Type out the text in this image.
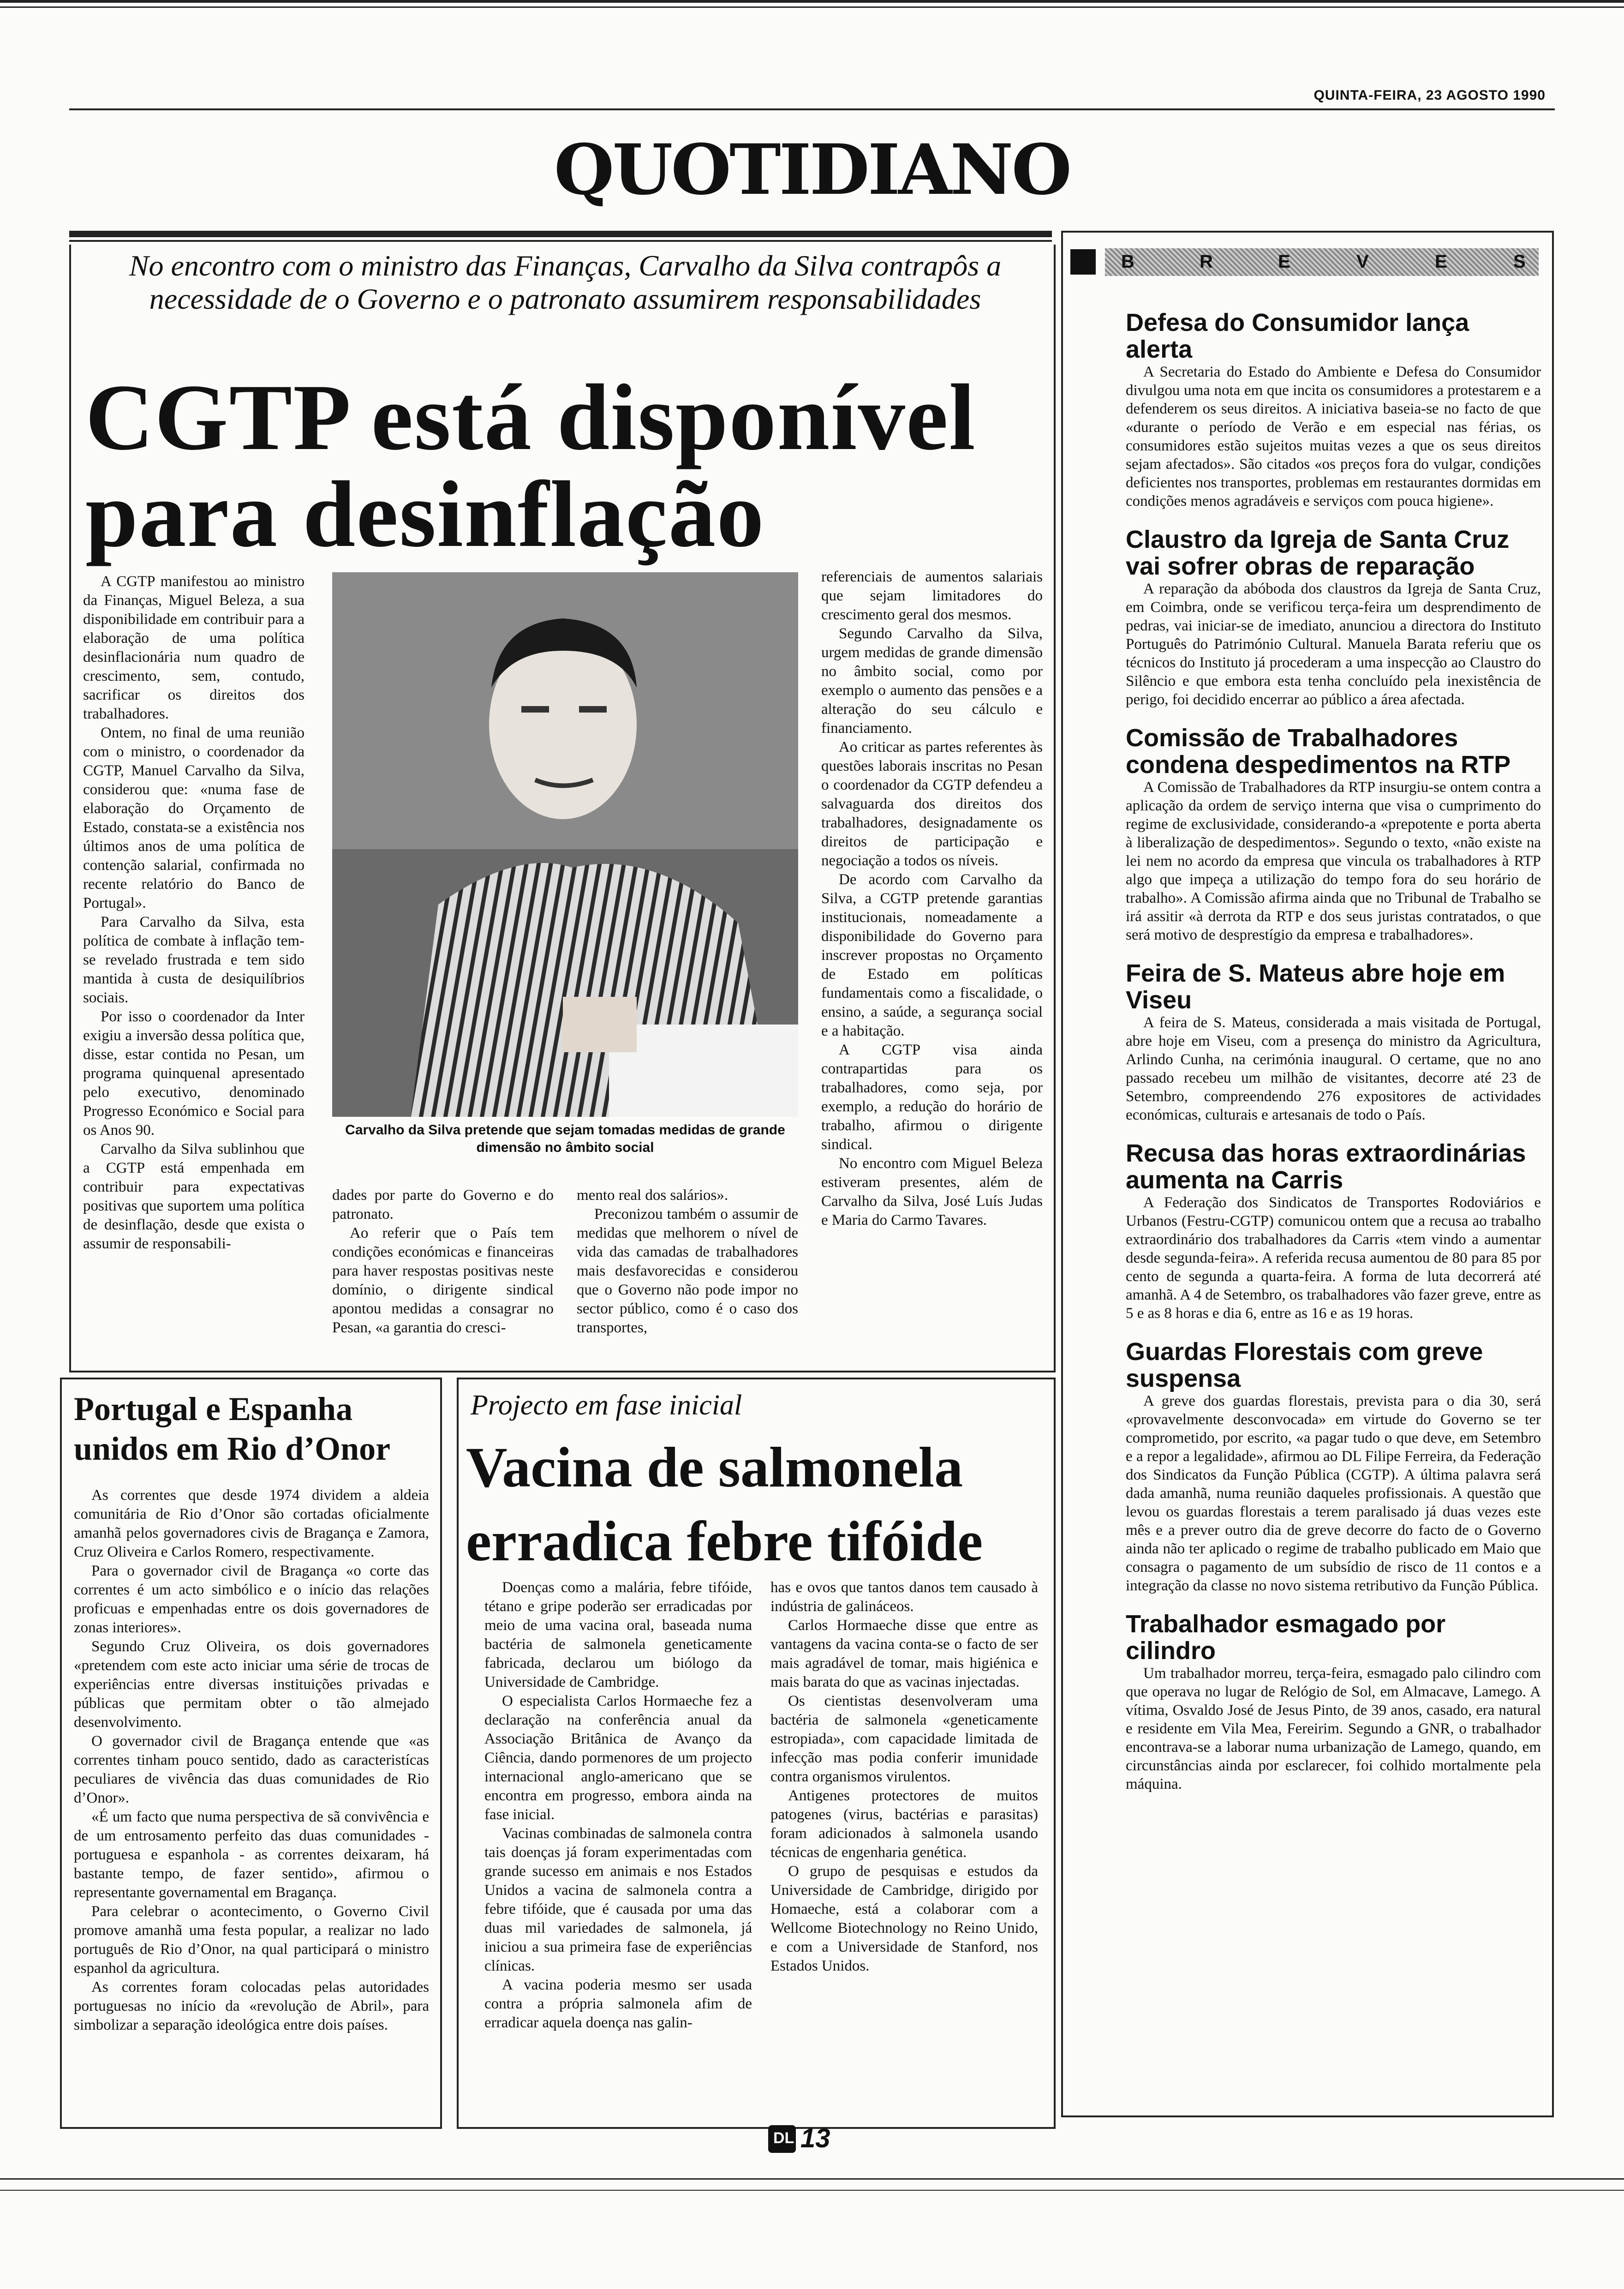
QUINTA-FEIRA, 23 AGOSTO 1990
QUOTIDIANO
No encontro com o ministro das Finanças, Carvalho da Silva contrapôs a necessidade de o Governo e o patronato assumirem responsabilidades
CGTP está disponível
para desinflação

A CGTP manifestou ao ministro da Finanças, Miguel Beleza, a sua disponibilidade em contribuir para a elaboração de uma política desinflacionária num quadro de crescimento, sem, contudo, sacrificar os direitos dos trabalhadores.

Ontem, no final de uma reunião com o ministro, o coordenador da CGTP, Manuel Carvalho da Silva, considerou que: «numa fase de elaboração do Orçamento de Estado, constata-se a existência nos últimos anos de uma política de contenção salarial, confirmada no recente relatório do Banco de Portugal».

Para Carvalho da Silva, esta política de combate à inflação tem-se revelado frustrada e tem sido mantida à custa de desiquilíbrios sociais.

Por isso o coordenador da Inter exigiu a inversão dessa política que, disse, estar contida no Pesan, um programa quinquenal apresentado pelo executivo, denominado Progresso Económico e Social para os Anos 90.

Carvalho da Silva sublinhou que a CGTP está empenhada em contribuir para expectativas positivas que suportem uma política de desinflação, desde que exista o assumir de responsabili-

Carvalho da Silva pretende que sejam tomadas medidas de grande dimensão no âmbito social

dades por parte do Governo e do patronato.

Ao referir que o País tem condições económicas e financeiras para haver respostas positivas neste domínio, o dirigente sindical apontou medidas a consagrar no Pesan, «a garantia do cresci-

mento real dos salários».

Preconizou também o assumir de medidas que melhorem o nível de vida das camadas de trabalhadores mais desfavorecidas e considerou que o Governo não pode impor no sector público, como é o caso dos transportes,

referenciais de aumentos salariais que sejam limitadores do crescimento geral dos mesmos.

Segundo Carvalho da Silva, urgem medidas de grande dimensão no âmbito social, como por exemplo o aumento das pensões e a alteração do seu cálculo e financiamento.

Ao criticar as partes referentes às questões laborais inscritas no Pesan o coordenador da CGTP defendeu a salvaguarda dos direitos dos trabalhadores, designadamente os direitos de participação e negociação a todos os níveis.

De acordo com Carvalho da Silva, a CGTP pretende garantias institucionais, nomeadamente a disponibilidade do Governo para inscrever propostas no Orçamento de Estado em políticas fundamentais como a fiscalidade, o ensino, a saúde, a segurança social e a habitação.

A CGTP visa ainda contrapartidas para os trabalhadores, como seja, por exemplo, a redução do horário de trabalho, afirmou o dirigente sindical.

No encontro com Miguel Beleza estiveram presentes, além de Carvalho da Silva, José Luís Judas e Maria do Carmo Tavares.

B	R	E	V	E	S
Defesa do Consumidor lança alerta

A Secretaria do Estado do Ambiente e Defesa do Consumidor divulgou uma nota em que incita os consumidores a protestarem e a defenderem os seus direitos. A iniciativa baseia-se no facto de que «durante o período de Verão e em especial nas férias, os consumidores estão sujeitos muitas vezes a que os seus direitos sejam afectados». São citados «os preços fora do vulgar, condições deficientes nos transportes, problemas em restaurantes dormidas em condições menos agradáveis e serviços com pouca higiene».

Claustro da Igreja de Santa Cruz vai sofrer obras de reparação

A reparação da abóboda dos claustros da Igreja de Santa Cruz, em Coimbra, onde se verificou terça-feira um desprendimento de pedras, vai iniciar-se de imediato, anunciou a directora do Instituto Português do Património Cultural. Manuela Barata referiu que os técnicos do Instituto já procederam a uma inspecção ao Claustro do Silêncio e que embora esta tenha concluído pela inexistência de perigo, foi decidido encerrar ao público a área afectada.

Comissão de Trabalhadores condena despedimentos na RTP

A Comissão de Trabalhadores da RTP insurgiu-se ontem contra a aplicação da ordem de serviço interna que visa o cumprimento do regime de exclusividade, considerando-a «prepotente e porta aberta à liberalização de despedimentos». Segundo o texto, «não existe na lei nem no acordo da empresa que vincula os trabalhadores à RTP algo que impeça a utilização do tempo fora do seu horário de trabalho». A Comissão afirma ainda que no Tribunal de Trabalho se irá assitir «à derrota da RTP e dos seus juristas contratados, o que será motivo de desprestígio da empresa e trabalhadores».

Feira de S. Mateus abre hoje em Viseu

A feira de S. Mateus, considerada a mais visitada de Portugal, abre hoje em Viseu, com a presença do ministro da Agricultura, Arlindo Cunha, na cerimónia inaugural. O certame, que no ano passado recebeu um milhão de visitantes, decorre até 23 de Setembro, compreendendo 276 expositores de actividades económicas, culturais e artesanais de todo o País.

Recusa das horas extraordinárias aumenta na Carris

A Federação dos Sindicatos de Transportes Rodoviários e Urbanos (Festru-CGTP) comunicou ontem que a recusa ao trabalho extraordinário dos trabalhadores da Carris «tem vindo a aumentar desde segunda-feira». A referida recusa aumentou de 80 para 85 por cento de segunda a quarta-feira. A forma de luta decorrerá até amanhã. A 4 de Setembro, os trabalhadores vão fazer greve, entre as 5 e as 8 horas e dia 6, entre as 16 e as 19 horas.

Guardas Florestais com greve suspensa

A greve dos guardas florestais, prevista para o dia 30, será «provavelmente desconvocada» em virtude do Governo se ter comprometido, por escrito, «a pagar tudo o que deve, em Setembro e a repor a legalidade», afirmou ao DL Filipe Ferreira, da Federação dos Sindicatos da Função Pública (CGTP). A última palavra será dada amanhã, numa reunião daqueles profissionais. A questão que levou os guardas florestais a terem paralisado já duas vezes este mês e a prever outro dia de greve decorre do facto de o Governo ainda não ter aplicado o regime de trabalho publicado em Maio que consagra o pagamento de um subsídio de risco de 11 contos e a integração da classe no novo sistema retributivo da Função Pública.

Trabalhador esmagado por cilindro

Um trabalhador morreu, terça-feira, esmagado palo cilindro com que operava no lugar de Relógio de Sol, em Almacave, Lamego. A vítima, Osvaldo José de Jesus Pinto, de 39 anos, casado, era natural e residente em Vila Mea, Fereirim. Segundo a GNR, o trabalhador encontrava-se a laborar numa urbanização de Lamego, quando, em circunstâncias ainda por esclarecer, foi colhido mortalmente pela máquina.

Portugal e Espanha unidos em Rio d’Onor

As correntes que desde 1974 dividem a aldeia comunitária de Rio d’Onor são cortadas oficialmente amanhã pelos governadores civis de Bragança e Zamora, Cruz Oliveira e Carlos Romero, respectivamente.

Para o governador civil de Bragança «o corte das correntes é um acto simbólico e o início das relações proficuas e empenhadas entre os dois governadores de zonas interiores».

Segundo Cruz Oliveira, os dois governadores «pretendem com este acto iniciar uma série de trocas de experiências entre diversas instituições privadas e públicas que permitam obter o tão almejado desenvolvimento.

O governador civil de Bragança entende que «as correntes tinham pouco sentido, dado as caracteristícas peculiares de vivência das duas comunidades de Rio d’Onor».

«É um facto que numa perspectiva de sã convivência e de um entrosamento perfeito das duas comunidades - portuguesa e espanhola - as correntes deixaram, há bastante tempo, de fazer sentido», afirmou o representante governamental em Bragança.

Para celebrar o acontecimento, o Governo Civil promove amanhã uma festa popular, a realizar no lado português de Rio d’Onor, na qual participará o ministro espanhol da agricultura.

As correntes foram colocadas pelas autoridades portuguesas no início da «revolução de Abril», para simbolizar a separação ideológica entre dois países.

Projecto em fase inicial
Vacina de salmonela
erradica febre tifóide

Doenças como a malária, febre tifóide, tétano e gripe poderão ser erradicadas por meio de uma vacina oral, baseada numa bactéria de salmonela geneticamente fabricada, declarou um biólogo da Universidade de Cambridge.

O especialista Carlos Hormaeche fez a declaração na conferência anual da Associação Britânica de Avanço da Ciência, dando pormenores de um projecto internacional anglo-americano que se encontra em progresso, embora ainda na fase inicial.

Vacinas combinadas de salmonela contra tais doenças já foram experimentadas com grande sucesso em animais e nos Estados Unidos a vacina de salmonela contra a febre tifóide, que é causada por uma das duas mil variedades de salmonela, já iniciou a sua primeira fase de experiências clínicas.

A vacina poderia mesmo ser usada contra a própria salmonela afim de erradicar aquela doença nas galin-

has e ovos que tantos danos tem causado à indústria de galináceos.

Carlos Hormaeche disse que entre as vantagens da vacina conta-se o facto de ser mais agradável de tomar, mais higiénica e mais barata do que as vacinas injectadas.

Os cientistas desenvolveram uma bactéria de salmonela «geneticamente estropiada», com capacidade limitada de infecção mas podia conferir imunidade contra organismos virulentos.

Antigenes protectores de muitos patogenes (virus, bactérias e parasitas) foram adicionados à salmonela usando técnicas de engenharia genética.

O grupo de pesquisas e estudos da Universidade de Cambridge, dirigido por Homaeche, está a colaborar com a Wellcome Biotechnology no Reino Unido, e com a Universidade de Stanford, nos Estados Unidos.

DL 13
